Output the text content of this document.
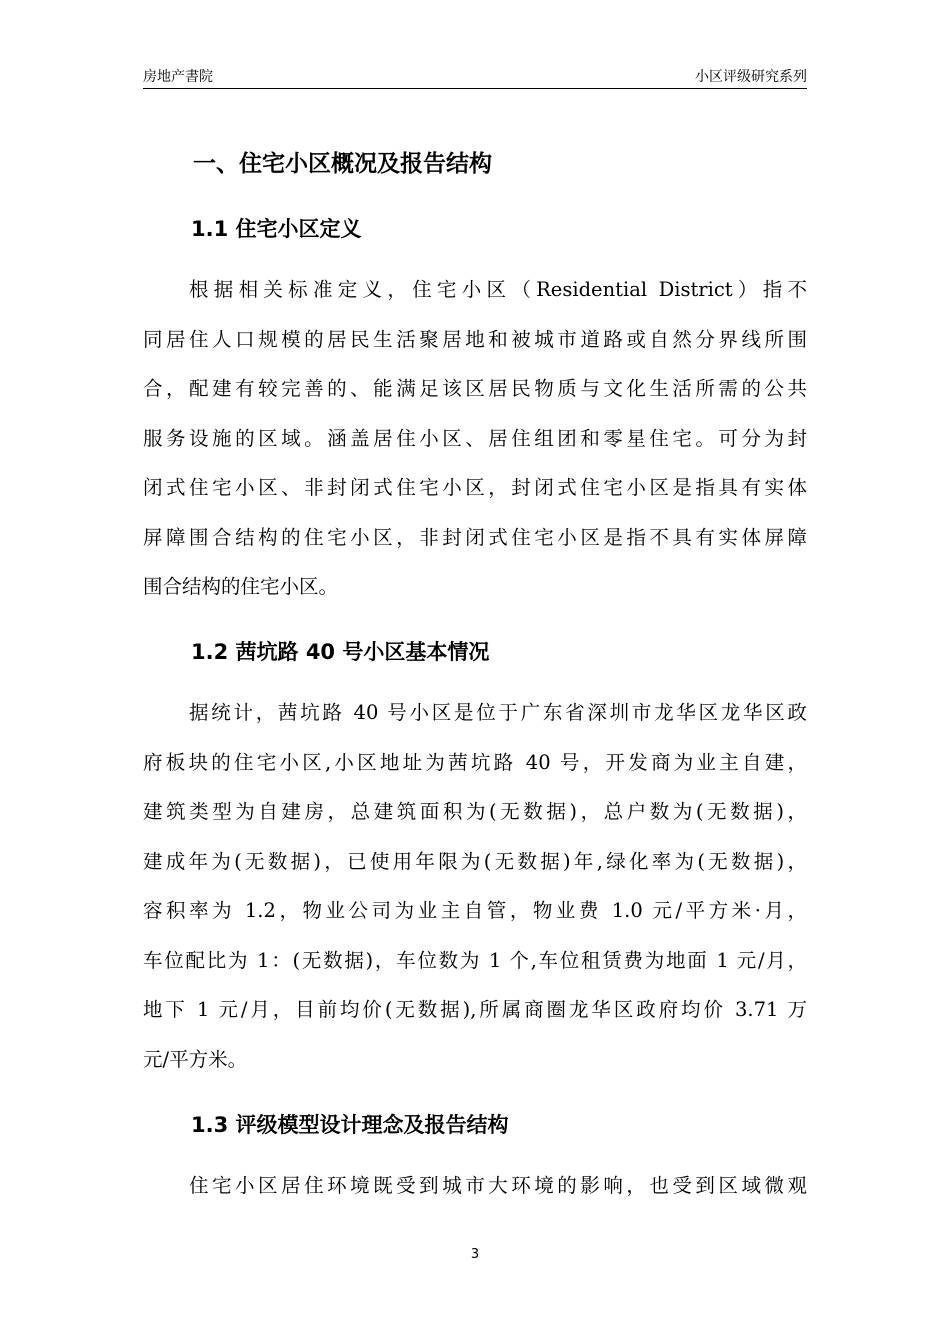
房地产書院	小区评级研究系列
一、住宅小区概况及报告结构
1.1 住宅小区定义
根据相关标准定义，住宅小区（Residential District）指不
同居住人口规模的居民生活聚居地和被城市道路或自然分界线所围
合，配建有较完善的、能满足该区居民物质与文化生活所需的公共
服务设施的区域。涵盖居住小区、居住组团和零星住宅。可分为封
闭式住宅小区、非封闭式住宅小区，封闭式住宅小区是指具有实体
屏障围合结构的住宅小区，非封闭式住宅小区是指不具有实体屏障
围合结构的住宅小区。
1.2 茜坑路 40 号小区基本情况
据统计，茜坑路 40 号小区是位于广东省深圳市龙华区龙华区政
府板块的住宅小区,小区地址为茜坑路 40 号，开发商为业主自建，
建筑类型为自建房，总建筑面积为(无数据)，总户数为(无数据)，
建成年为(无数据)，已使用年限为(无数据)年,绿化率为(无数据)，
容积率为 1.2，物业公司为业主自管，物业费 1.0 元/平方米·月，
车位配比为 1：(无数据)，车位数为 1 个,车位租赁费为地面 1 元/月，
地下 1 元/月，目前均价(无数据),所属商圈龙华区政府均价 3.71 万
元/平方米。
1.3 评级模型设计理念及报告结构
住宅小区居住环境既受到城市大环境的影响，也受到区域微观
3
